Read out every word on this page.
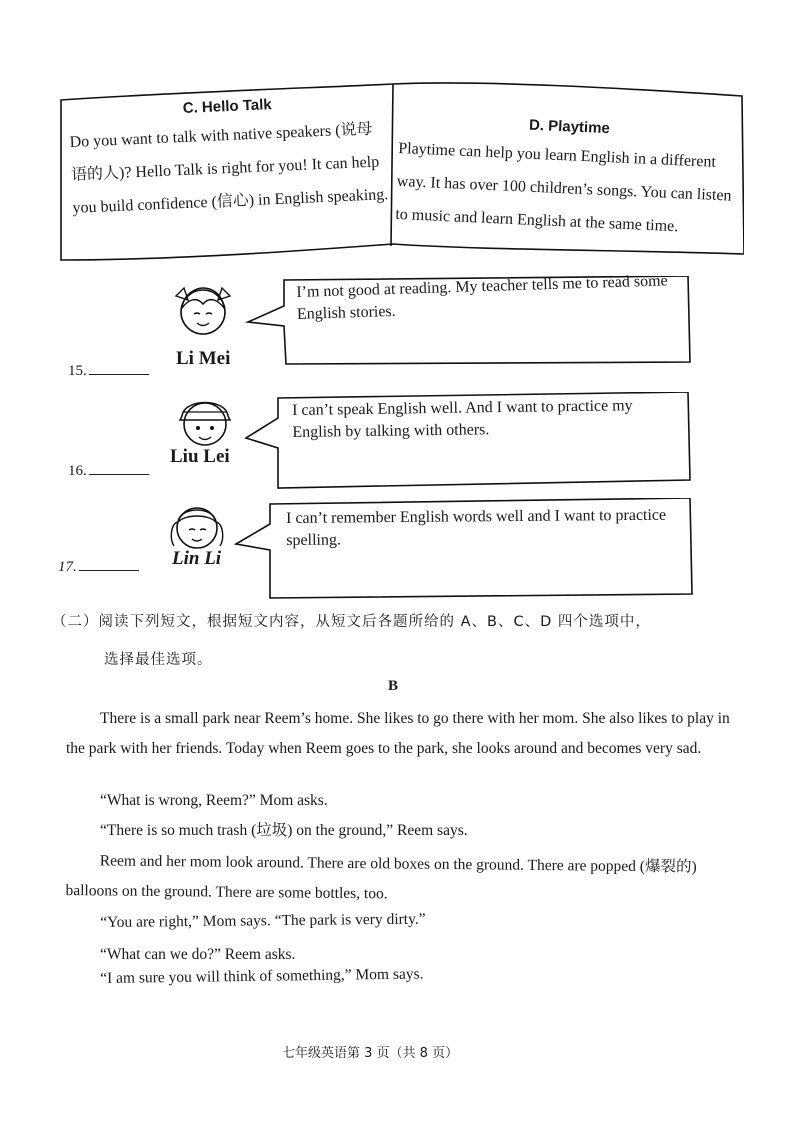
C. Hello Talk
Do you want to talk with native speakers (说母语的人)? Hello Talk is right for you! It can help you build confidence (信心) in English speaking.
D. Playtime
Playtime can help you learn English in a different way. It has over 100 children’s songs. You can listen to music and learn English at the same time.
15.
Li Mei
I’m not good at reading. My teacher tells me to read some English stories.
16.
Liu Lei
I can’t speak English well. And I want to practice my English by talking with others.
17.	Lin Li
I can’t remember English words well and I want to practice spelling.
（二）阅读下列短文，根据短文内容，从短文后各题所给的 A、B、C、D 四个选项中，
选择最佳选项。
B
There is a small park near Reem’s home. She likes to go there with her mom. She also likes to play in the park with her friends. Today when Reem goes to the park, she looks around and becomes very sad.
“What is wrong, Reem?” Mom asks.
“There is so much trash (垃圾) on the ground,” Reem says.
Reem and her mom look around. There are old boxes on the ground. There are popped (爆裂的) balloons on the ground. There are some bottles, too.
“You are right,” Mom says. “The park is very dirty.”
“What can we do?” Reem asks.
“I am sure you will think of something,” Mom says.
七年级英语第 3 页（共 8 页）
